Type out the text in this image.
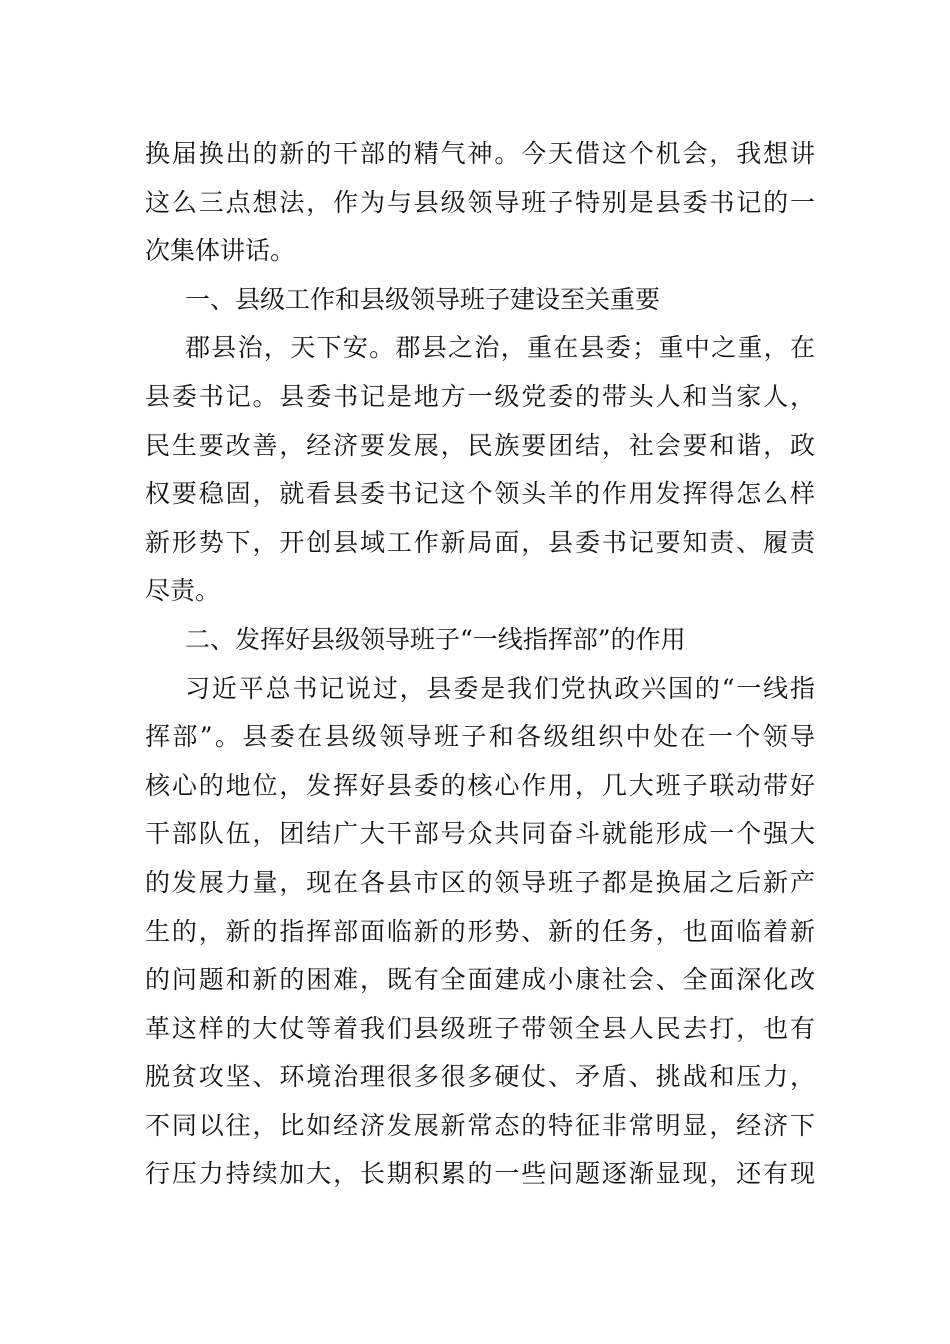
换届换出的新的干部的精气神。今天借这个机会，我想讲
这么三点想法，作为与县级领导班子特别是县委书记的一
次集体讲话。
一、县级工作和县级领导班子建设至关重要
郡县治，天下安。郡县之治，重在县委；重中之重，在
县委书记。县委书记是地方一级党委的带头人和当家人，
民生要改善，经济要发展，民族要团结，社会要和谐，政
权要稳固，就看县委书记这个领头羊的作用发挥得怎么样
新形势下，开创县域工作新局面，县委书记要知责、履责
尽责。
二、发挥好县级领导班子“一线指挥部”的作用
习近平总书记说过，县委是我们党执政兴国的“一线指
挥部”。县委在县级领导班子和各级组织中处在一个领导
核心的地位，发挥好县委的核心作用，几大班子联动带好
干部队伍，团结广大干部号众共同奋斗就能形成一个强大
的发展力量，现在各县市区的领导班子都是换届之后新产
生的，新的指挥部面临新的形势、新的任务，也面临着新
的问题和新的困难，既有全面建成小康社会、全面深化改
革这样的大仗等着我们县级班子带领全县人民去打，也有
脱贫攻坚、环境治理很多很多硬仗、矛盾、挑战和压力，
不同以往，比如经济发展新常态的特征非常明显，经济下
行压力持续加大，长期积累的一些问题逐渐显现，还有现
